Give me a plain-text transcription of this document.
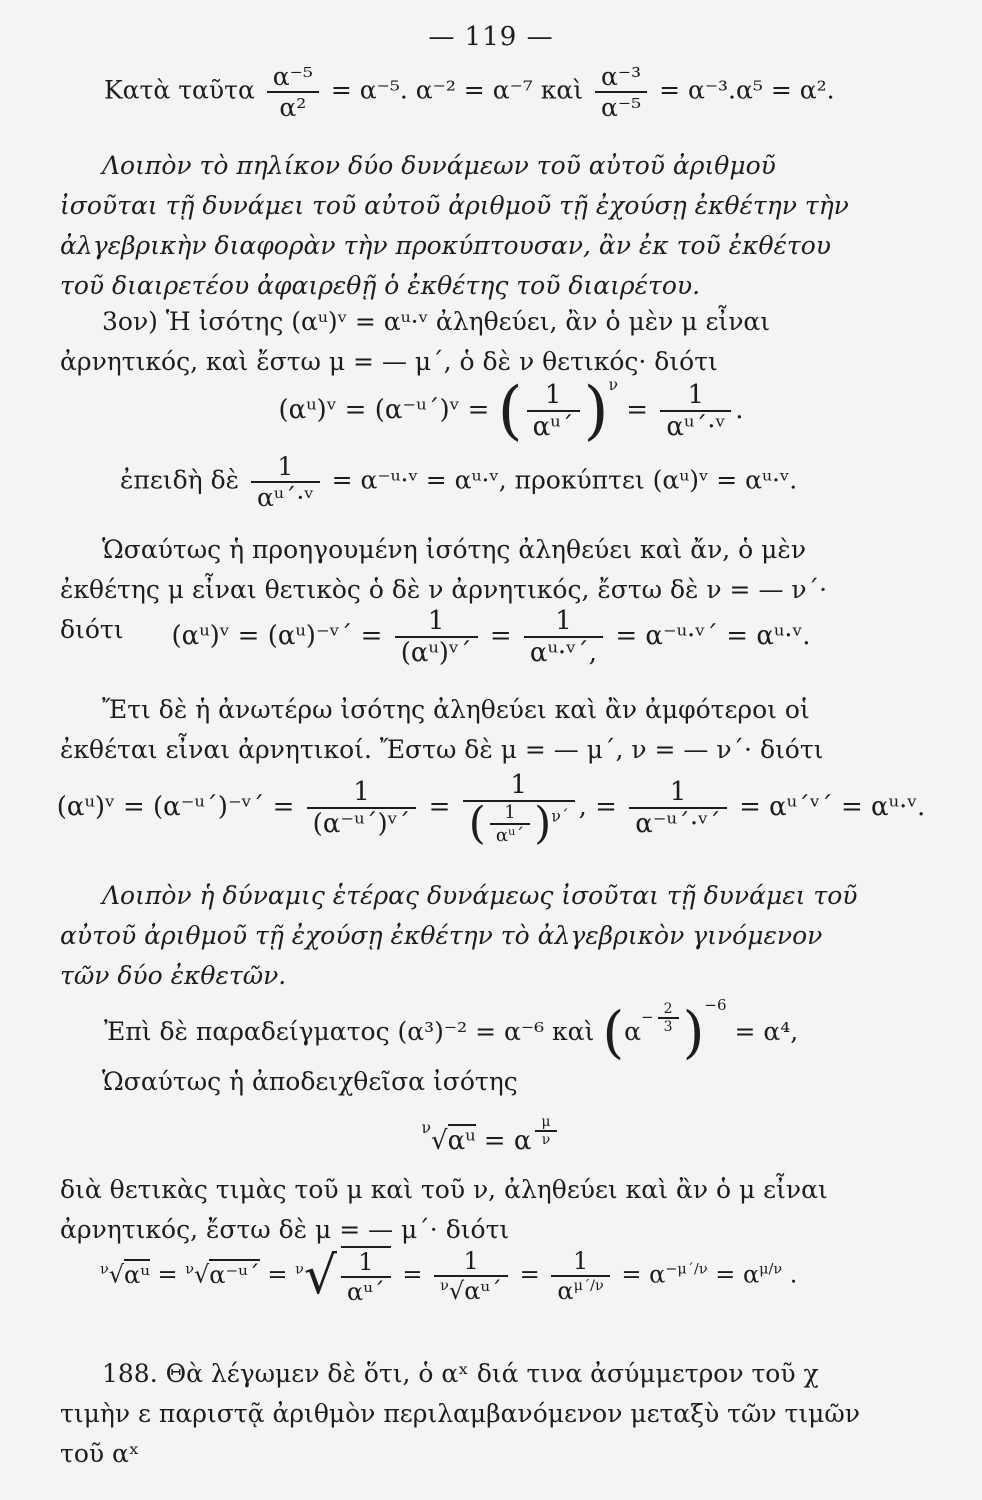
— 119 —
Κατὰ ταῦτα $\frac{\text{α⁻⁵}}{\text{α²}} = \alpha^{-5}$. α⁻² = α⁻⁷ καὶ $\frac{\text{α⁻³}}{\text{α⁻⁵}} = \alpha^{-3}.\alpha^5 = \alpha^2$.

Λοιπὸν τὸ πηλίκον δύο δυνάμεων τοῦ αὐτοῦ ἀριθμοῦ ἰσοῦται τῇ δυνάμει τοῦ αὐτοῦ ἀριθμοῦ τῇ ἐχούσῃ ἐκθέτην τὴν ἀλγεβρικὴν διαφορὰν τὴν προκύπτουσαν, ἂν ἐκ τοῦ ἐκθέτου τοῦ διαιρετέου ἀφαιρεθῇ ὁ ἐκθέτης τοῦ διαιρέτου.

3ον) Ἡ ἰσότης (αᵘ)ᵛ = αᵘ·ᵛ ἀληθεύει, ἂν ὁ μὲν μ εἶναι ἀρνητικός, καὶ ἔστω μ = — μ΄, ὁ δὲ ν θετικός· διότι

(αᵘ)ᵛ = (α⁻ᵘ΄)ᵛ = ( $\frac{1}{\text{αᵘ΄}} )^\nu = \frac{1}{\text{αᵘ΄·ᵛ}}$ .
ἐπειδὴ δὲ $\frac{1}{\text{αᵘ΄·ᵛ}}$ = α⁻ᵘ·ᵛ = αᵘ·ᵛ, προκύπτει (αᵘ)ᵛ = αᵘ·ᵛ.

Ὡσαύτως ἡ προηγουμένη ἰσότης ἀληθεύει καὶ ἄν, ὁ μὲν ἐκθέτης μ εἶναι θετικὸς ὁ δὲ ν ἀρνητικός, ἔστω δὲ ν = — ν΄· διότι	(αᵘ)ᵛ = (αᵘ)⁻ᵛ΄ = $\frac{1}{\text{(αᵘ)ᵛ΄}} = \frac{1}{\text{αᵘ·ᵛ΄,}}$ = α⁻ᵘ·ᵛ΄ = αᵘ·ᵛ.

Ἔτι δὲ ἡ ἀνωτέρω ἰσότης ἀληθεύει καὶ ἂν ἀμφότεροι οἱ ἐκθέται εἶναι ἀρνητικοί. Ἔστω δὲ μ = — μ΄, ν = — ν΄· διότι

(αᵘ)ᵛ = (α⁻ᵘ΄)⁻ᵛ΄ = $\frac{1}{\text{(α⁻ᵘ΄)ᵛ΄}} = \frac{1}{( \frac{1}{\text{αᵘ΄}} )^{\nu΄}}$ , = $\frac{1}{\text{α⁻ᵘ΄·ᵛ΄}}$ = αᵘ΄ᵛ΄ = αᵘ·ᵛ.

Λοιπὸν ἡ δύναμις ἑτέρας δυνάμεως ἰσοῦται τῇ δυνάμει τοῦ αὐτοῦ ἀριθμοῦ τῇ ἐχούσῃ ἐκθέτην τὸ ἀλγεβρικὸν γινόμενον τῶν δύο ἐκθετῶν.

Ἐπὶ δὲ παραδείγματος (α³)⁻² = α⁻⁶ καὶ ($\alpha^{- \frac{2}{3}}$ )$^{-6}$ = α⁴,

Ὡσαύτως ἡ ἀποδειχθεῖσα ἰσότης

$^\nu$√αᵘ = α $^{\frac{\mu}{\nu}}$

διὰ θετικὰς τιμὰς τοῦ μ καὶ τοῦ ν, ἀληθεύει καὶ ἂν ὁ μ εἶναι ἀρνητικός, ἔστω δὲ μ = — μ΄· διότι

$^\nu$√αᵘ = $^\nu$√α⁻ᵘ΄ = $^\nu√ \frac{1}{\text{αᵘ΄}} = \frac{1}{^\nu√\alpha ᵘ΄} = \frac{1}{\alpha^{\mu΄/\nu}} = \alpha^{-\mu΄/\nu} = \alpha^{\mu/\nu}$ .

188. Θὰ λέγωμεν δὲ ὅτι, ὁ αˣ διά τινα ἀσύμμετρον τοῦ χ τιμὴν ε παριστᾷ ἀριθμὸν περιλαμβανόμενον μεταξὺ τῶν τιμῶν τοῦ αˣ
